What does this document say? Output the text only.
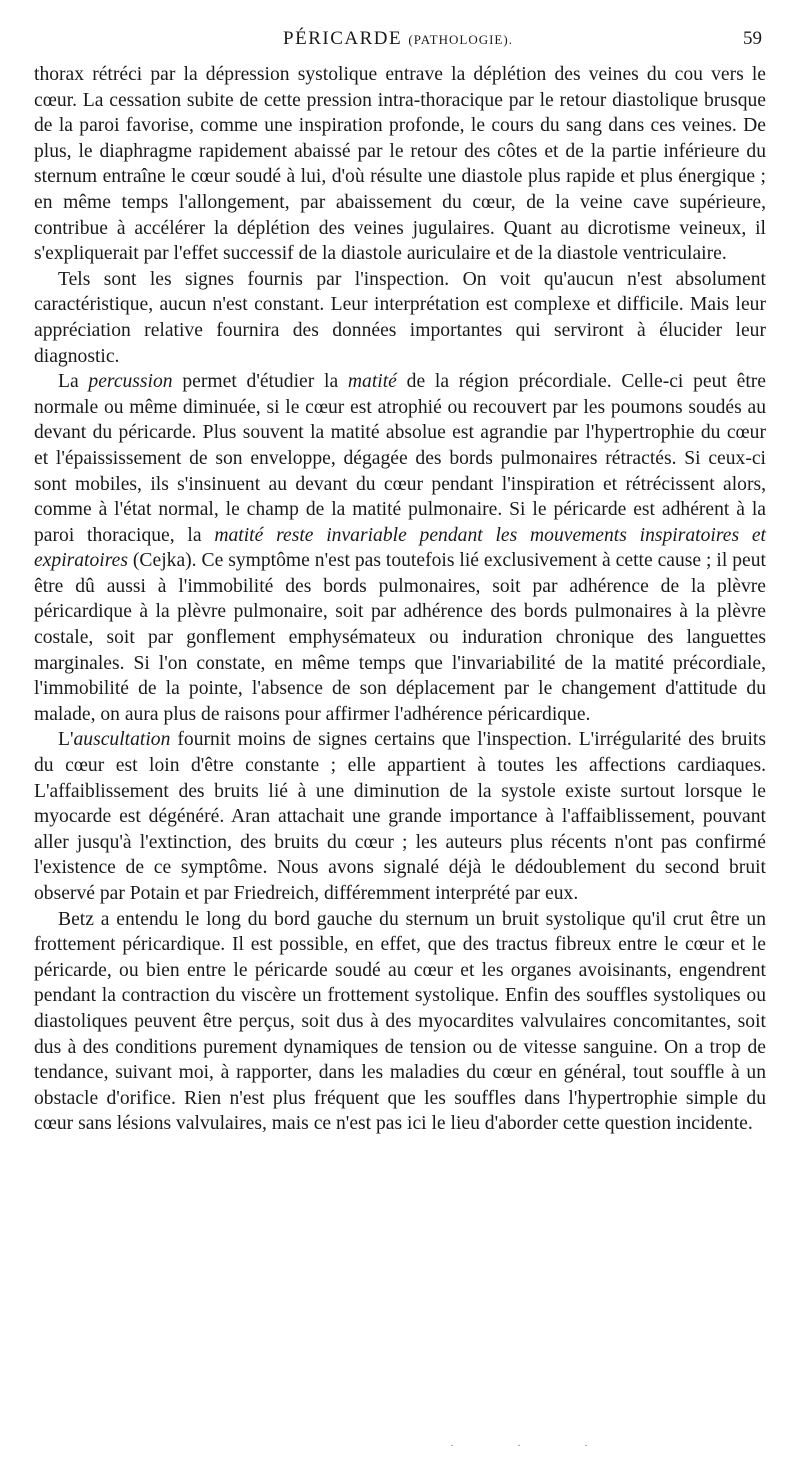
PÉRICARDE (PATHOLOGIE).	59

thorax rétréci par la dépression systolique entrave la déplétion des veines du cou vers le cœur. La cessation subite de cette pression intra-thoracique par le retour diastolique brusque de la paroi favorise, comme une inspiration profonde, le cours du sang dans ces veines. De plus, le diaphragme rapidement abaissé par le retour des côtes et de la partie inférieure du sternum entraîne le cœur soudé à lui, d'où résulte une diastole plus rapide et plus énergique ; en même temps l'allongement, par abaissement du cœur, de la veine cave supérieure, contribue à accélérer la déplétion des veines jugulaires. Quant au dicrotisme veineux, il s'expliquerait par l'effet successif de la diastole auriculaire et de la diastole ventriculaire.

Tels sont les signes fournis par l'inspection. On voit qu'aucun n'est absolument caractéristique, aucun n'est constant. Leur interprétation est complexe et difficile. Mais leur appréciation relative fournira des données importantes qui serviront à élucider leur diagnostic.

La percussion permet d'étudier la matité de la région précordiale. Celle-ci peut être normale ou même diminuée, si le cœur est atrophié ou recouvert par les poumons soudés au devant du péricarde. Plus souvent la matité absolue est agrandie par l'hypertrophie du cœur et l'épaississement de son enveloppe, dégagée des bords pulmonaires rétractés. Si ceux-ci sont mobiles, ils s'insinuent au devant du cœur pendant l'inspiration et rétrécissent alors, comme à l'état normal, le champ de la matité pulmonaire. Si le péricarde est adhérent à la paroi thoracique, la matité reste invariable pendant les mouvements inspiratoires et expiratoires (Cejka). Ce symptôme n'est pas toutefois lié exclusivement à cette cause ; il peut être dû aussi à l'immobilité des bords pulmonaires, soit par adhérence de la plèvre péricardique à la plèvre pulmonaire, soit par adhérence des bords pulmonaires à la plèvre costale, soit par gonflement emphysémateux ou induration chronique des languettes marginales. Si l'on constate, en même temps que l'invariabilité de la matité précordiale, l'immobilité de la pointe, l'absence de son déplacement par le changement d'attitude du malade, on aura plus de raisons pour affirmer l'adhérence péricardique.

L'auscultation fournit moins de signes certains que l'inspection. L'irrégularité des bruits du cœur est loin d'être constante ; elle appartient à toutes les affections cardiaques. L'affaiblissement des bruits lié à une diminution de la systole existe surtout lorsque le myocarde est dégénéré. Aran attachait une grande importance à l'affaiblissement, pouvant aller jusqu'à l'extinction, des bruits du cœur ; les auteurs plus récents n'ont pas confirmé l'existence de ce symptôme. Nous avons signalé déjà le dédoublement du second bruit observé par Potain et par Friedreich, différemment interprété par eux.

Betz a entendu le long du bord gauche du sternum un bruit systolique qu'il crut être un frottement péricardique. Il est possible, en effet, que des tractus fibreux entre le cœur et le péricarde, ou bien entre le péricarde soudé au cœur et les organes avoisinants, engendrent pendant la contraction du viscère un frottement systolique. Enfin des souffles systoliques ou diastoliques peuvent être perçus, soit dus à des myocardites valvulaires concomitantes, soit dus à des conditions purement dynamiques de tension ou de vitesse sanguine. On a trop de tendance, suivant moi, à rapporter, dans les maladies du cœur en général, tout souffle à un obstacle d'orifice. Rien n'est plus fréquent que les souffles dans l'hypertrophie simple du cœur sans lésions valvulaires, mais ce n'est pas ici le lieu d'aborder cette question incidente.

· · ·
